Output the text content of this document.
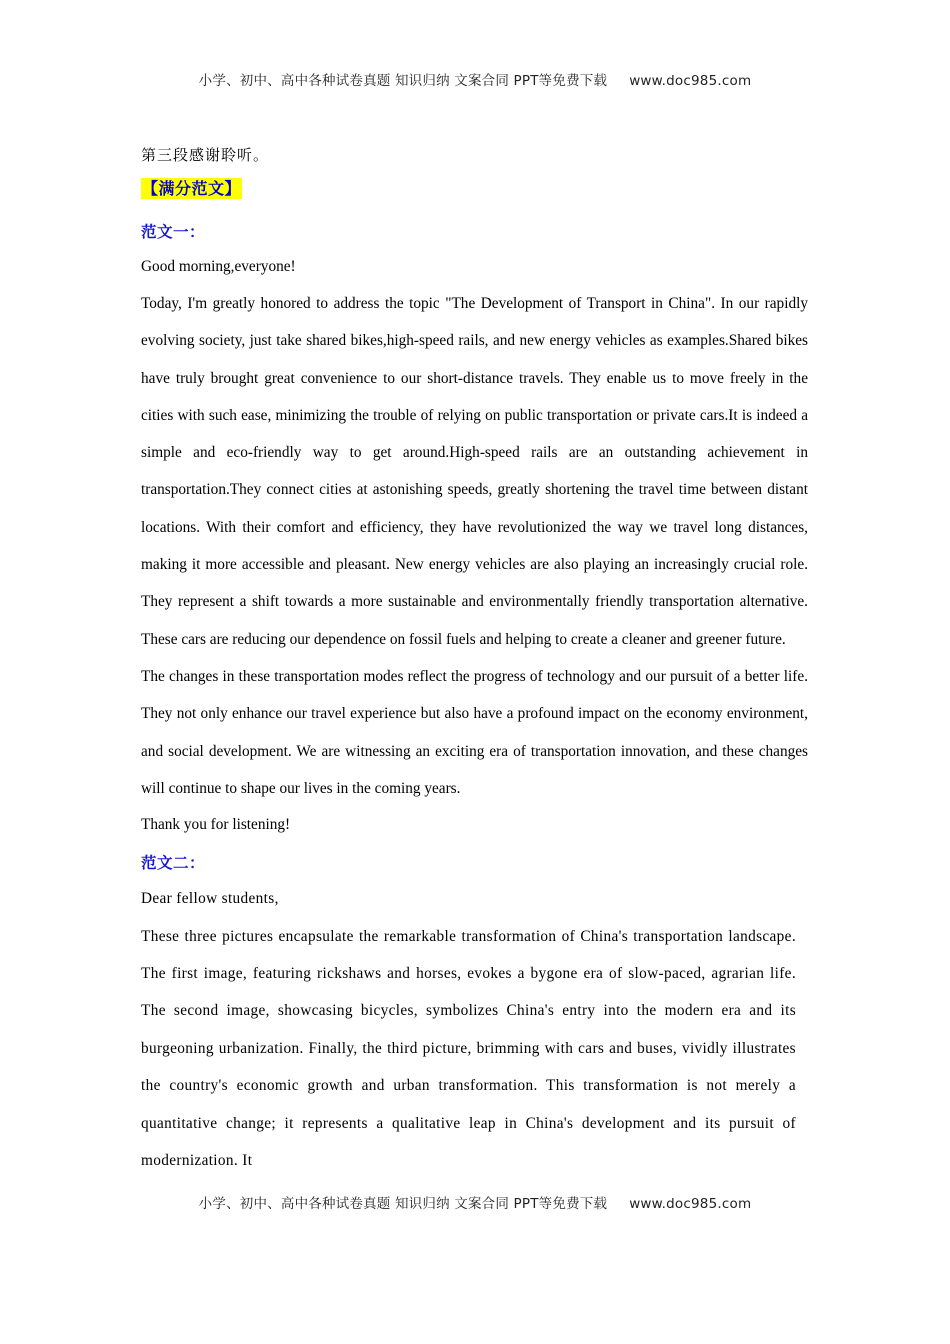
小学、初中、高中各种试卷真题 知识归纳 文案合同 PPT等免费下载 www.doc985.com
第三段感谢聆听。
【满分范文】
范文一：

Good morning,everyone!

Today, I'm greatly honored to address the topic "The Development of Transport in China". In our rapidly evolving society, just take shared bikes,high-speed rails, and new energy vehicles as examples.Shared bikes have truly brought great convenience to our short-distance travels. They enable us to move freely in the cities with such ease, minimizing the trouble of relying on public transportation or private cars.It is indeed a simple and eco-friendly way to get around.High-speed rails are an outstanding achievement in transportation.They connect cities at astonishing speeds, greatly shortening the travel time between distant locations. With their comfort and efficiency, they have revolutionized the way we travel long distances, making it more accessible and pleasant. New energy vehicles are also playing an increasingly crucial role. They represent a shift towards a more sustainable and environmentally friendly transportation alternative. These cars are reducing our dependence on fossil fuels and helping to create a cleaner and greener future.

The changes in these transportation modes reflect the progress of technology and our pursuit of a better life. They not only enhance our travel experience but also have a profound impact on the economy environment, and social development. We are witnessing an exciting era of transportation innovation, and these changes will continue to shape our lives in the coming years.

Thank you for listening!

范文二：

Dear fellow students,

These three pictures encapsulate the remarkable transformation of China's transportation landscape. The first image, featuring rickshaws and horses, evokes a bygone era of slow-paced, agrarian life. The second image, showcasing bicycles, symbolizes China's entry into the modern era and its burgeoning urbanization. Finally, the third picture, brimming with cars and buses, vividly illustrates the country's economic growth and urban transformation. This transformation is not merely a quantitative change; it represents a qualitative leap in China's development and its pursuit of modernization. It

小学、初中、高中各种试卷真题 知识归纳 文案合同 PPT等免费下载 www.doc985.com
